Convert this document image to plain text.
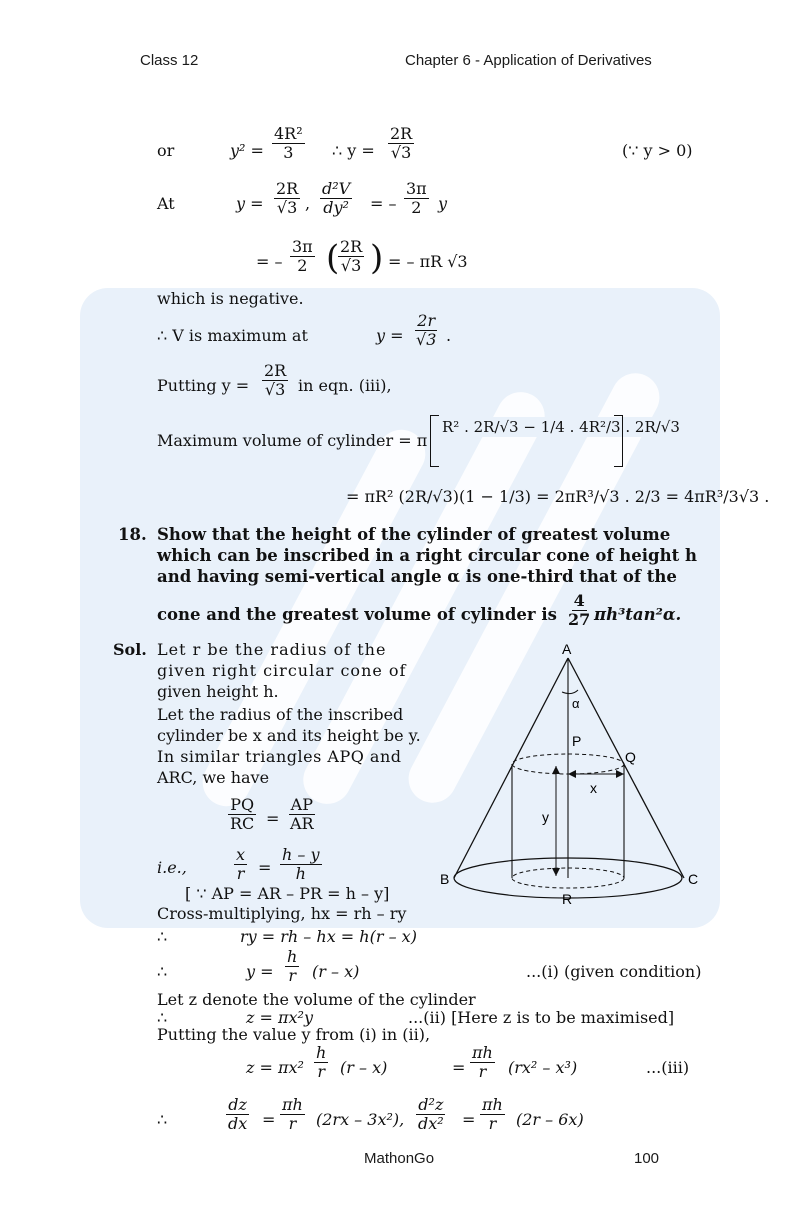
Class 12	Chapter 6 - Application of Derivatives
or	$y^2 = \frac{\text{4R²}}{3}$ ∴ $y = \frac{2R}{√3}$	(∵ y > 0)
At	$y = \frac{2R}{√3}$ , $\frac{\text{d²V}}{\text{dy²}}$ = – $\frac{3\pi}{2}$ y
= – $\frac{3\pi}{2}$ (
$\frac{2R}{√3}$ ) = – πR √3
which is negative.
∴ V is maximum at	$y = \frac{2r}{√3}$ .
Putting $y = \frac{2R}{√3}$ in eqn. (iii),
Maximum volume of cylinder = π
R² . 2R/√3 − 1/4 . 4R²/3 . 2R/√3
= πR² (2R/√3)(1 − 1/3) = 2πR³/√3 . 2/3 = 4πR³/3√3 .
18. Show that the height of the cylinder of greatest volume
which can be inscribed in a right circular cone of height h
and having semi-vertical angle α is one-third that of the
cone and the greatest volume of cylinder is $\frac{4}{27} \pi h^3\tan^2\alpha$.
Sol. Let r be the radius of the
given right circular cone of
given height h.
Let the radius of the inscribed
cylinder be x and its height be y.
In similar triangles APQ and
ARC, we have
$\frac{PQ}{RC} = \frac{AP}{AR}$
i.e.,	$\frac{x}{r} = \frac{h - y}{h}$
[ ∵ AP = AR – PR = h – y]
Cross-multiplying, hx = rh – ry
∴	ry = rh – hx = h(r – x)
∴	$y = \frac{h}{r} (r - x)$	...(i) (given condition)
Let z denote the volume of the cylinder
∴	z = πx²y	...(ii) [Here z is to be maximised]
Putting the value y from (i) in (ii),
$z = \pi x^2 \frac{h}{r} (r - x)$	= $\frac{\pi h}{r} (rx^2 - x^3)$	...(iii)
∴	$\frac{dz}{dx} = \frac{\pi h}{r} (2rx - 3x^2)$, $\frac{\text{d²z}}{\text{dx²}} = \frac{\pi h}{r} (2r - 6x)$
A
α
P
Q
x
y
B	C
R
MathonGo	100
